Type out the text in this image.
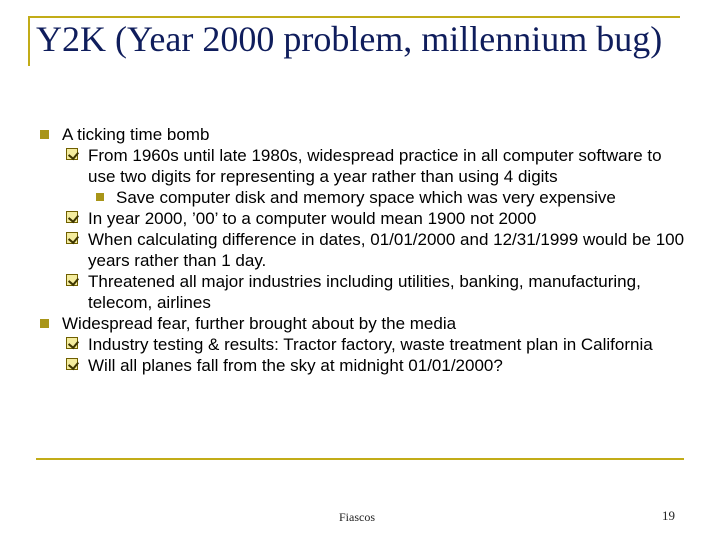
Y2K (Year 2000 problem, millennium bug)
A ticking time bomb
From 1960s until late 1980s, widespread practice in all computer software to use two digits for representing a year rather than using 4 digits
Save computer disk and memory space which was very expensive
In year 2000, ’00’ to a computer would mean 1900 not 2000
When calculating difference in dates, 01/01/2000 and 12/31/1999 would be 100 years rather than 1 day.
Threatened all major industries including utilities, banking, manufacturing, telecom, airlines
Widespread fear, further brought about by the media
Industry testing & results: Tractor factory, waste treatment plan in California
Will all planes fall from the sky at midnight 01/01/2000?
Fiascos	19
